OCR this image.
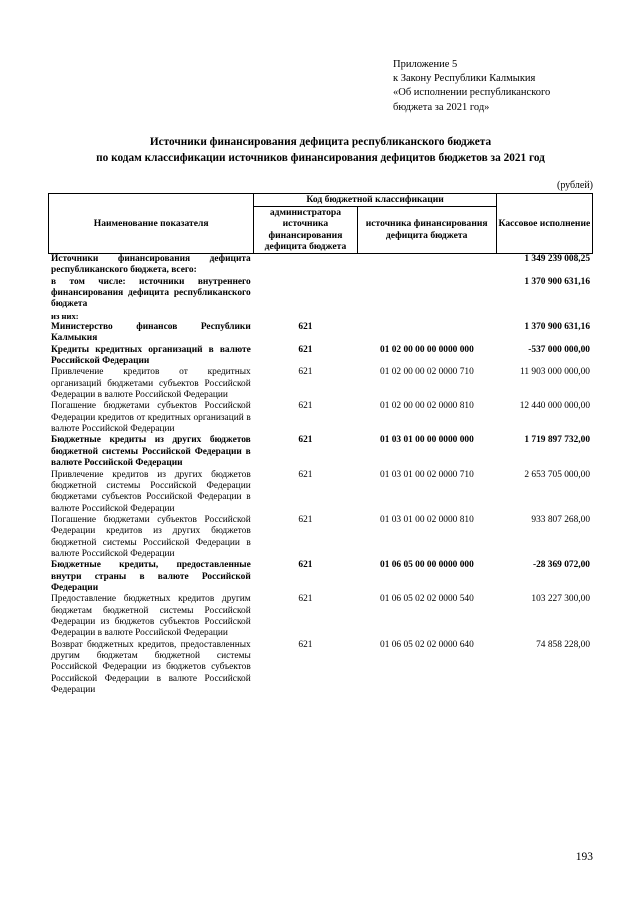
Приложение 5
к Закону Республики Калмыкия
«Об исполнении республиканского
бюджета за 2021 год»
Источники финансирования дефицита республиканского бюджета
по кодам классификации источников финансирования дефицитов бюджетов за 2021 год
(рублей)
Наименование показателя	Код бюджетной классификации		Кассовое исполнение
	администратора источника финансирования дефицита бюджета	источника финансирования дефицита бюджета	
Источники финансирования дефицита республиканского бюджета, всего:			1 349 239 008,25
в том числе: источники внутреннего финансирования дефицита республиканского бюджета			1 370 900 631,16
из них:			
Министерство финансов Республики Калмыкия	621		1 370 900 631,16
Кредиты кредитных организаций в валюте Российской Федерации	621	01 02 00 00 00 0000 000	-537 000 000,00
Привлечение кредитов от кредитных организаций бюджетами субъектов Российской Федерации в валюте Российской Федерации	621	01 02 00 00 02 0000 710	11 903 000 000,00
Погашение бюджетами субъектов Российской Федерации кредитов от кредитных организаций в валюте Российской Федерации	621	01 02 00 00 02 0000 810	12 440 000 000,00
Бюджетные кредиты из других бюджетов бюджетной системы Российской Федерации в валюте Российской Федерации	621	01 03 01 00 00 0000 000	1 719 897 732,00
Привлечение кредитов из других бюджетов бюджетной системы Российской Федерации бюджетами субъектов Российской Федерации в валюте Российской Федерации	621	01 03 01 00 02 0000 710	2 653 705 000,00
Погашение бюджетами субъектов Российской Федерации кредитов из других бюджетов бюджетной системы Российской Федерации в валюте Российской Федерации	621	01 03 01 00 02 0000 810	933 807 268,00
Бюджетные кредиты, предоставленные внутри страны в валюте Российской Федерации	621	01 06 05 00 00 0000 000	-28 369 072,00
Предоставление бюджетных кредитов другим бюджетам бюджетной системы Российской Федерации из бюджетов субъектов Российской Федерации в валюте Российской Федерации	621	01 06 05 02 02 0000 540	103 227 300,00
Возврат бюджетных кредитов, предоставленных другим бюджетам бюджетной системы Российской Федерации из бюджетов субъектов Российской Федерации в валюте Российской Федерации	621	01 06 05 02 02 0000 640	74 858 228,00
193
